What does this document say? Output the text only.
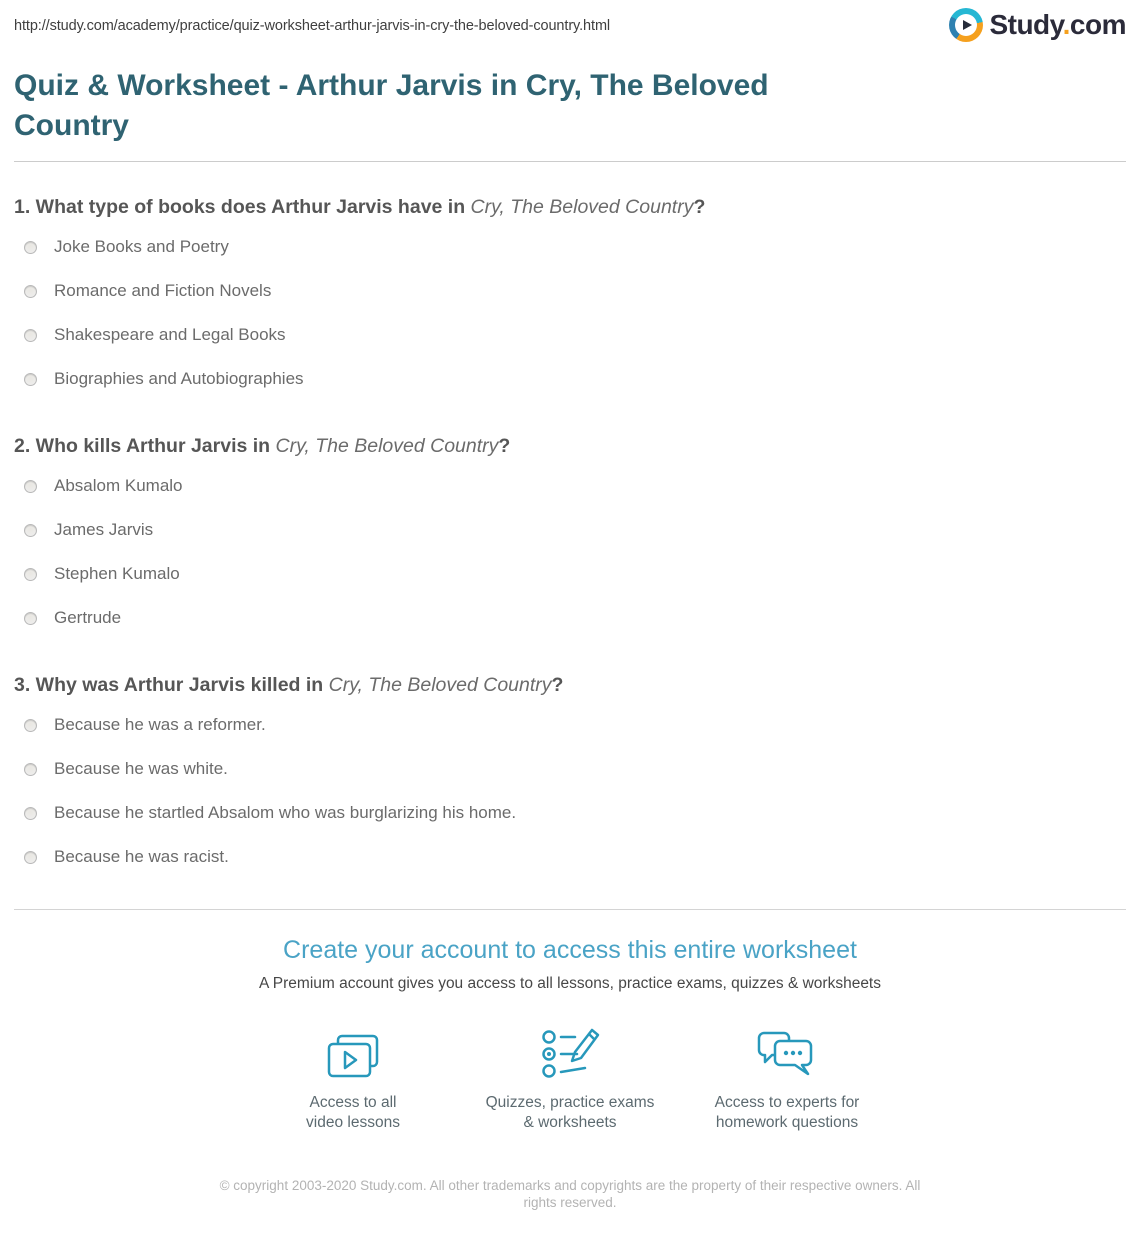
http://study.com/academy/practice/quiz-worksheet-arthur-jarvis-in-cry-the-beloved-country.html	Study.com
Quiz & Worksheet - Arthur Jarvis in Cry, The Beloved Country
1. What type of books does Arthur Jarvis have in Cry, The Beloved Country?
Joke Books and Poetry
Romance and Fiction Novels
Shakespeare and Legal Books
Biographies and Autobiographies
2. Who kills Arthur Jarvis in Cry, The Beloved Country?
Absalom Kumalo
James Jarvis
Stephen Kumalo
Gertrude
3. Why was Arthur Jarvis killed in Cry, The Beloved Country?
Because he was a reformer.
Because he was white.
Because he startled Absalom who was burglarizing his home.
Because he was racist.
Create your account to access this entire worksheet
A Premium account gives you access to all lessons, practice exams, quizzes & worksheets
Access to all
video lessons
Quizzes, practice exams
& worksheets
Access to experts for
homework questions
© copyright 2003-2020 Study.com. All other trademarks and copyrights are the property of their respective owners. All rights reserved.
